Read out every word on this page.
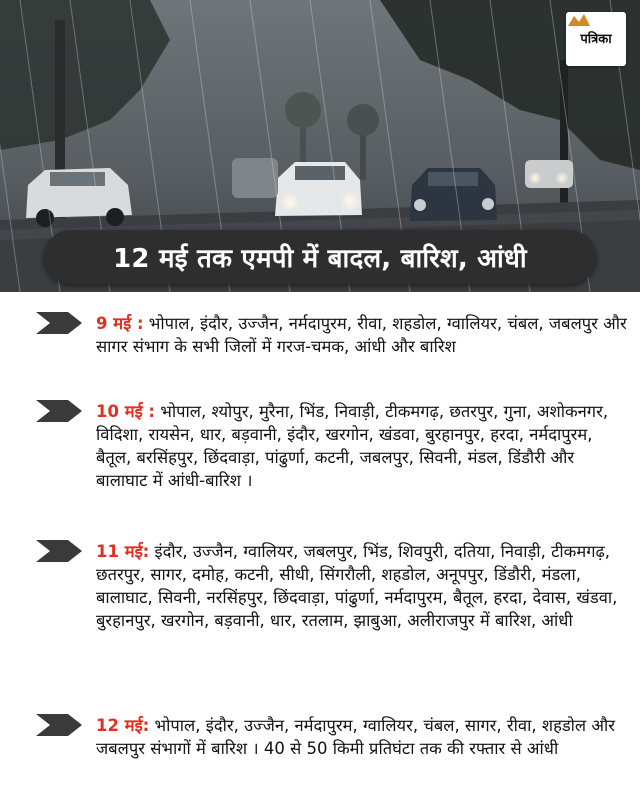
पत्रिका
12 मई तक एमपी में बादल, बारिश, आंधी
9 मई : भोपाल, इंदौर, उज्जैन, नर्मदापुरम, रीवा, शहडोल, ग्वालियर, चंबल, जबलपुर और सागर संभाग के सभी जिलों में गरज-चमक, आंधी और बारिश
10 मई : भोपाल, श्योपुर, मुरैना, भिंड, निवाड़ी, टीकमगढ़, छतरपुर, गुना, अशोकनगर, विदिशा, रायसेन, धार, बड़वानी, इंदौर, खरगोन, खंडवा, बुरहानपुर, हरदा, नर्मदापुरम, बैतूल, बरसिंहपुर, छिंदवाड़ा, पांढुर्णा, कटनी, जबलपुर, सिवनी, मंडल, डिंडौरी और बालाघाट में आंधी-बारिश ।
11 मई: इंदौर, उज्जैन, ग्वालियर, जबलपुर, भिंड, शिवपुरी, दतिया, निवाड़ी, टीकमगढ़, छतरपुर, सागर, दमोह, कटनी, सीधी, सिंगरौली, शहडोल, अनूपपुर, डिंडौरी, मंडला, बालाघाट, सिवनी, नरसिंहपुर, छिंदवाड़ा, पांढुर्णा, नर्मदापुरम, बैतूल, हरदा, देवास, खंडवा, बुरहानपुर, खरगोन, बड़वानी, धार, रतलाम, झाबुआ, अलीराजपुर में बारिश, आंधी
12 मई: भोपाल, इंदौर, उज्जैन, नर्मदापुरम, ग्वालियर, चंबल, सागर, रीवा, शहडोल और जबलपुर संभागों में बारिश । 40 से 50 किमी प्रतिघंटा तक की रफ्तार से आंधी
